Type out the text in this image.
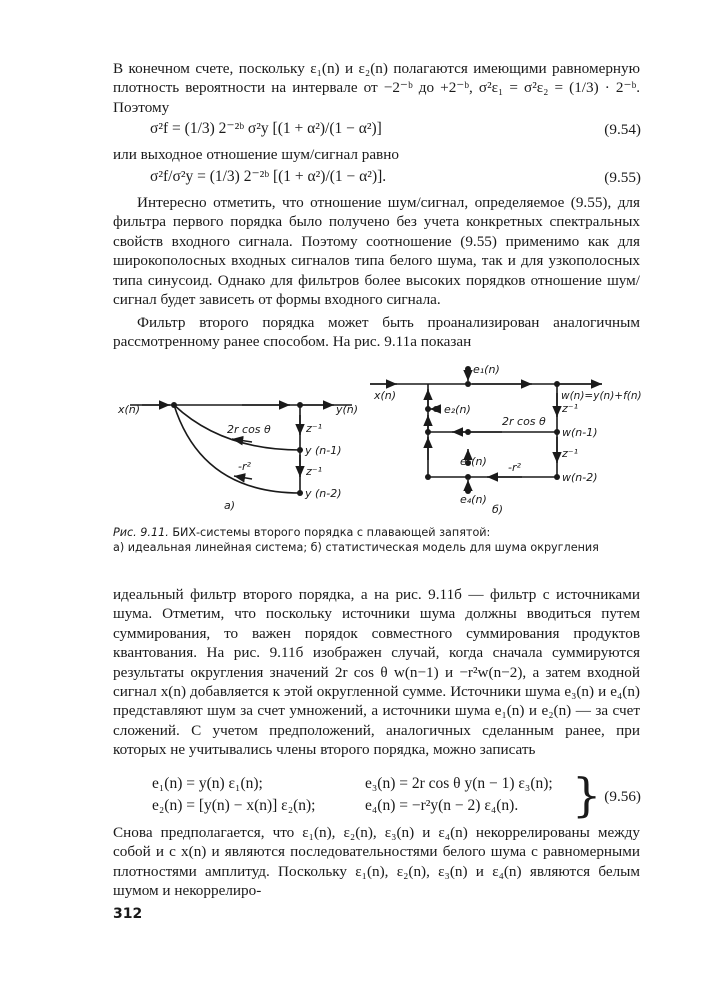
В конечном счете, поскольку ε₁(n) и ε₂(n) полагаются имеющими равномерную плотность вероятности на интервале от −2⁻ᵇ до +2⁻ᵇ, σ²ε₁ = σ²ε₂ = (1/3) · 2⁻ᵇ. Поэтому

σ²f = (1/3) 2⁻²ᵇ σ²y [(1 + α²)/(1 − α²)]	(9.54)

или выходное отношение шум/сигнал равно

σ²f/σ²y = (1/3) 2⁻²ᵇ [(1 + α²)/(1 − α²)].	(9.55)

Интересно отметить, что отношение шум/сигнал, определяемое (9.55), для фильтра первого порядка было получено без учета конкретных спектральных свойств входного сигнала. Поэтому соотношение (9.55) применимо как для широкополосных входных сигналов типа белого шума, так и для узкополосных типа синусоид. Однако для фильтров более высоких порядков отношение шум/сигнал будет зависеть от формы входного сигнала.

Фильтр второго порядка может быть проанализирован аналогичным рассмотренному ранее способом. На рис. 9.11а показан

x(n)	y(n)
2r cos θ
-r²
z⁻¹
z⁻¹
y (n-1)
y (n-2)
а)
x(n)	w(n)=y(n)+f(n)
e₁(n)
e₂(n)
e₃(n)
e₄(n)
2r cos θ
-r²
z⁻¹
z⁻¹
w(n-1)
w(n-2)
б)
Рис. 9.11. БИХ-системы второго порядка с плавающей запятой:
а) идеальная линейная система; б) статистическая модель для шума округления

идеальный фильтр второго порядка, а на рис. 9.11б — фильтр с источниками шума. Отметим, что поскольку источники шума должны вводиться путем суммирования, то важен порядок совместного суммирования продуктов квантования. На рис. 9.11б изображен случай, когда сначала суммируются результаты округления значений 2r cos θ w(n−1) и −r²w(n−2), а затем входной сигнал x(n) добавляется к этой округленной сумме. Источники шума e₃(n) и e₄(n) представляют шум за счет умножений, а источники шума e₁(n) и e₂(n) — за счет сложений. С учетом предположений, аналогичных сделанным ранее, при которых не учитывались члены второго порядка, можно записать

e₁(n) = y(n) ε₁(n);	e₃(n) = 2r cos θ y(n − 1) ε₃(n);
e₂(n) = [y(n) − x(n)] ε₂(n);	e₄(n) = −r²y(n − 2) ε₄(n). } (9.56)

Снова предполагается, что ε₁(n), ε₂(n), ε₃(n) и ε₄(n) некоррелированы между собой и с x(n) и являются последовательностями белого шума с равномерными плотностями амплитуд. Поскольку ε₁(n), ε₂(n), ε₃(n) и ε₄(n) являются белым шумом и некоррелиро-

312
